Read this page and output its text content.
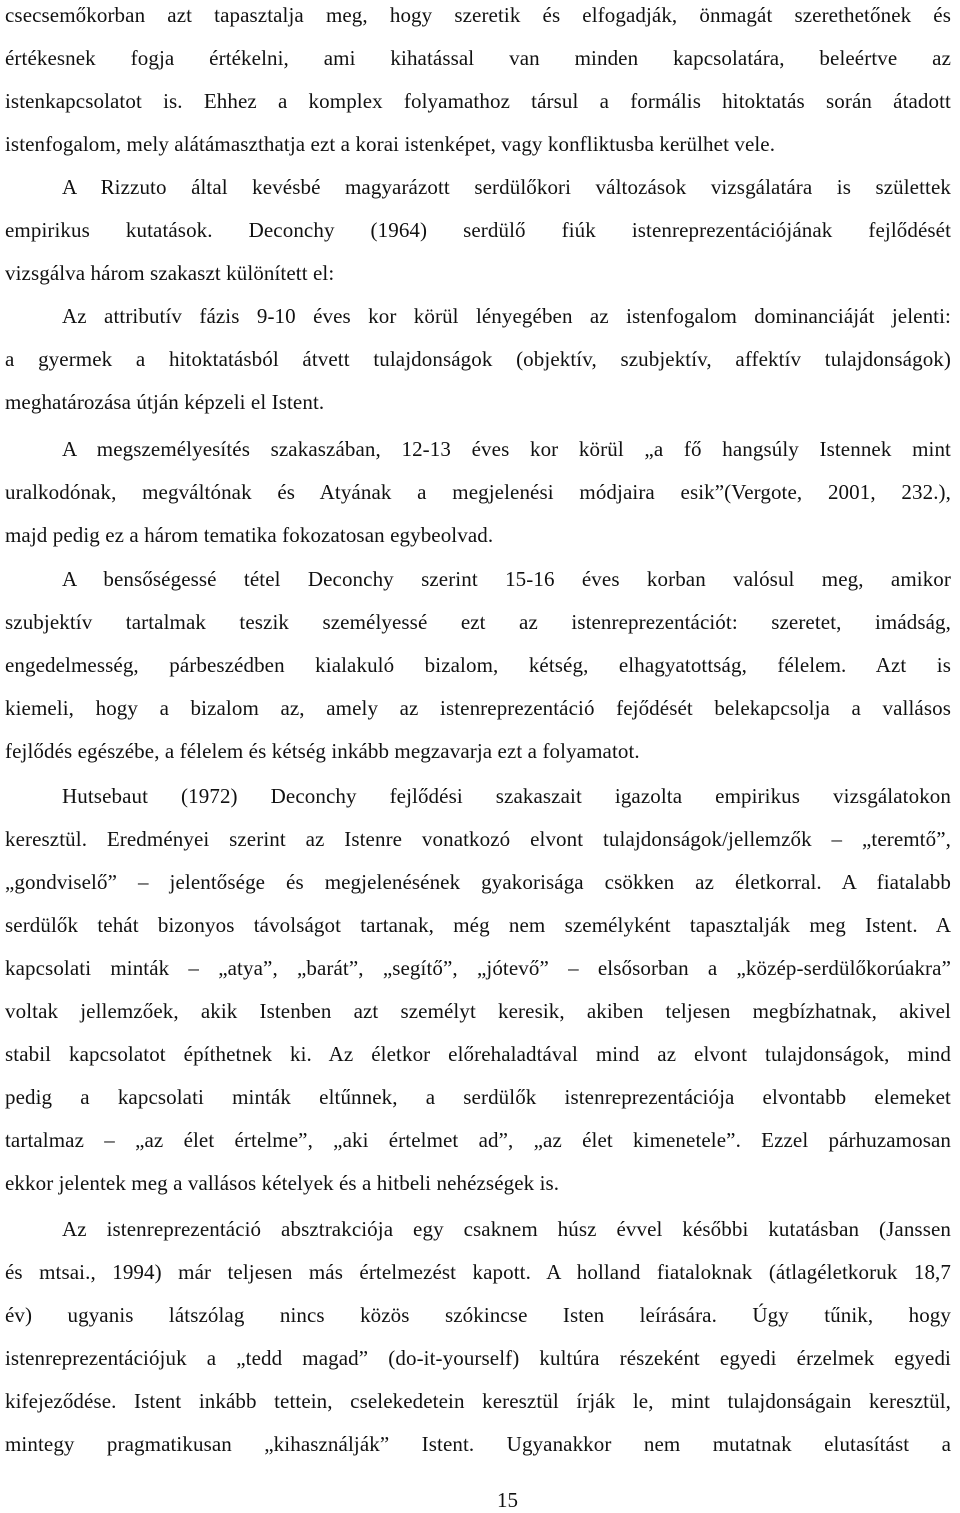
csecsemőkorban azt tapasztalja meg, hogy szeretik és elfogadják, önmagát szerethetőnek és
értékesnek fogja értékelni, ami kihatással van minden kapcsolatára, beleértve az
istenkapcsolatot is. Ehhez a komplex folyamathoz társul a formális hitoktatás során átadott
istenfogalom, mely alátámaszthatja ezt a korai istenképet, vagy konfliktusba kerülhet vele.
A Rizzuto által kevésbé magyarázott serdülőkori változások vizsgálatára is születtek
empirikus kutatások. Deconchy (1964) serdülő fiúk istenreprezentációjának fejlődését
vizsgálva három szakaszt különített el:
Az attributív fázis 9-10 éves kor körül lényegében az istenfogalom dominanciáját jelenti:
a gyermek a hitoktatásból átvett tulajdonságok (objektív, szubjektív, affektív tulajdonságok)
meghatározása útján képzeli el Istent.
A megszemélyesítés szakaszában, 12-13 éves kor körül „a fő hangsúly Istennek mint
uralkodónak, megváltónak és Atyának a megjelenési módjaira esik”(Vergote, 2001, 232.),
majd pedig ez a három tematika fokozatosan egybeolvad.
A bensőségessé tétel Deconchy szerint 15-16 éves korban valósul meg, amikor
szubjektív tartalmak teszik személyessé ezt az istenreprezentációt: szeretet, imádság,
engedelmesség, párbeszédben kialakuló bizalom, kétség, elhagyatottság, félelem. Azt is
kiemeli, hogy a bizalom az, amely az istenreprezentáció fejődését belekapcsolja a vallásos
fejlődés egészébe, a félelem és kétség inkább megzavarja ezt a folyamatot.
Hutsebaut (1972) Deconchy fejlődési szakaszait igazolta empirikus vizsgálatokon
keresztül. Eredményei szerint az Istenre vonatkozó elvont tulajdonságok/jellemzők – „teremtő”,
„gondviselő” – jelentősége és megjelenésének gyakorisága csökken az életkorral. A fiatalabb
serdülők tehát bizonyos távolságot tartanak, még nem személyként tapasztalják meg Istent. A
kapcsolati minták – „atya”, „barát”, „segítő”, „jótevő” – elsősorban a „közép-serdülőkorúakra”
voltak jellemzőek, akik Istenben azt személyt keresik, akiben teljesen megbízhatnak, akivel
stabil kapcsolatot építhetnek ki. Az életkor előrehaladtával mind az elvont tulajdonságok, mind
pedig a kapcsolati minták eltűnnek, a serdülők istenreprezentációja elvontabb elemeket
tartalmaz – „az élet értelme”, „aki értelmet ad”, „az élet kimenetele”. Ezzel párhuzamosan
ekkor jelentek meg a vallásos kételyek és a hitbeli nehézségek is.
Az istenreprezentáció absztrakciója egy csaknem húsz évvel későbbi kutatásban (Janssen
és mtsai., 1994) már teljesen más értelmezést kapott. A holland fiataloknak (átlagéletkoruk 18,7
év) ugyanis látszólag nincs közös szókincse Isten leírására. Úgy tűnik, hogy
istenreprezentációjuk a „tedd magad” (do-it-yourself) kultúra részeként egyedi érzelmek egyedi
kifejeződése. Istent inkább tettein, cselekedetein keresztül írják le, mint tulajdonságain keresztül,
mintegy pragmatikusan „kihasználják” Istent. Ugyanakkor nem mutatnak elutasítást a
15
